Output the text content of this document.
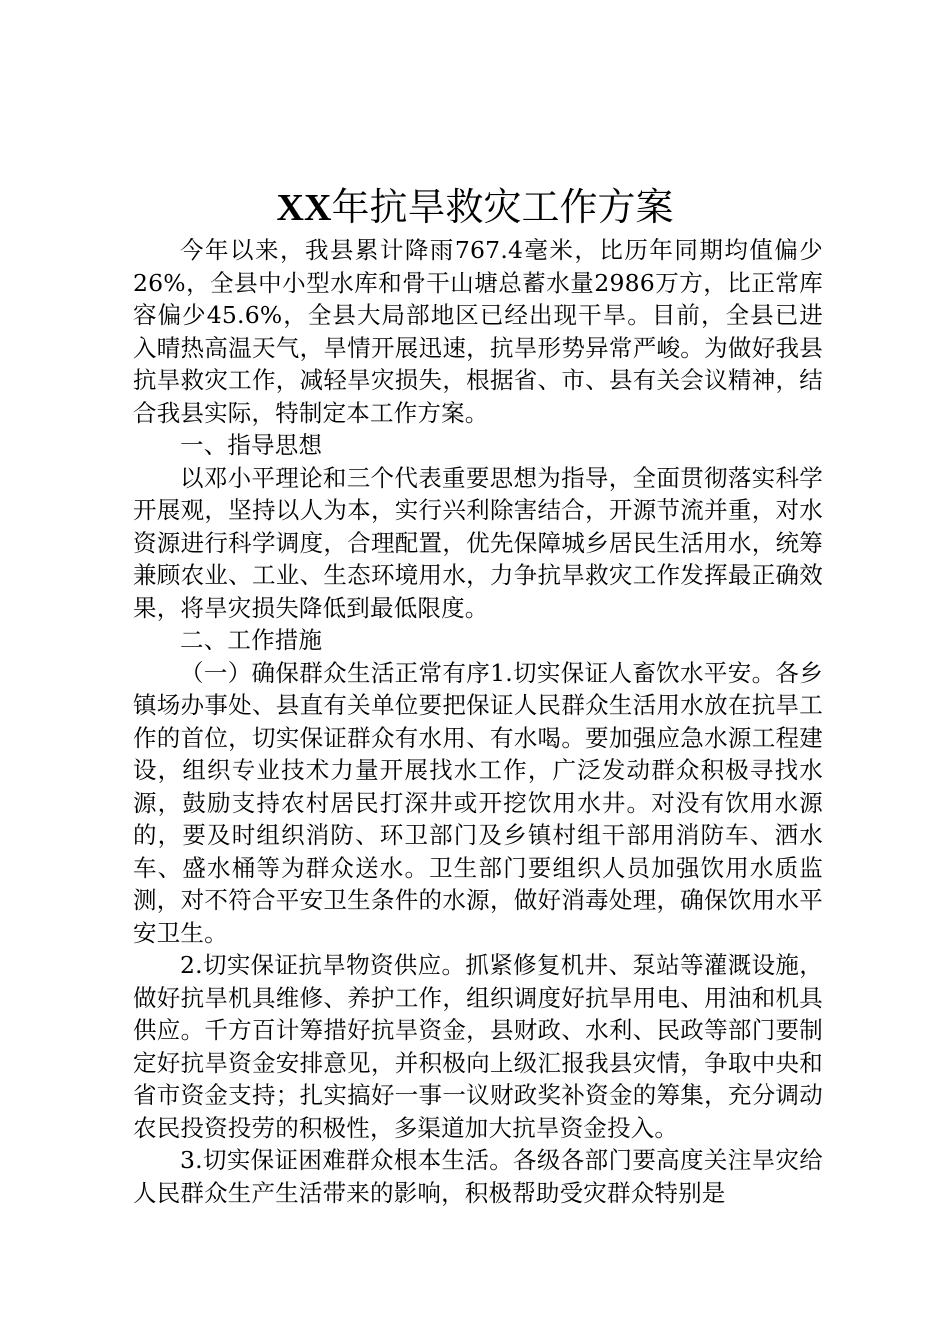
XX年抗旱救灾工作方案

今年以来，我县累计降雨767.4毫米，比历年同期均值偏少26%，全县中小型水库和骨干山塘总蓄水量2986万方，比正常库容偏少45.6%，全县大局部地区已经出现干旱。目前，全县已进入晴热高温天气，旱情开展迅速，抗旱形势异常严峻。为做好我县抗旱救灾工作，减轻旱灾损失，根据省、市、县有关会议精神，结合我县实际，特制定本工作方案。

一、指导思想

以邓小平理论和三个代表重要思想为指导，全面贯彻落实科学开展观，坚持以人为本，实行兴利除害结合，开源节流并重，对水资源进行科学调度，合理配置，优先保障城乡居民生活用水，统筹兼顾农业、工业、生态环境用水，力争抗旱救灾工作发挥最正确效果，将旱灾损失降低到最低限度。

二、工作措施

（一）确保群众生活正常有序1.切实保证人畜饮水平安。各乡镇场办事处、县直有关单位要把保证人民群众生活用水放在抗旱工作的首位，切实保证群众有水用、有水喝。要加强应急水源工程建设，组织专业技术力量开展找水工作，广泛发动群众积极寻找水源，鼓励支持农村居民打深井或开挖饮用水井。对没有饮用水源的，要及时组织消防、环卫部门及乡镇村组干部用消防车、洒水车、盛水桶等为群众送水。卫生部门要组织人员加强饮用水质监测，对不符合平安卫生条件的水源，做好消毒处理，确保饮用水平安卫生。

2.切实保证抗旱物资供应。抓紧修复机井、泵站等灌溉设施，做好抗旱机具维修、养护工作，组织调度好抗旱用电、用油和机具供应。千方百计筹措好抗旱资金，县财政、水利、民政等部门要制定好抗旱资金安排意见，并积极向上级汇报我县灾情，争取中央和省市资金支持；扎实搞好一事一议财政奖补资金的筹集，充分调动农民投资投劳的积极性，多渠道加大抗旱资金投入。

3.切实保证困难群众根本生活。各级各部门要高度关注旱灾给人民群众生产生活带来的影响，积极帮助受灾群众特别是
